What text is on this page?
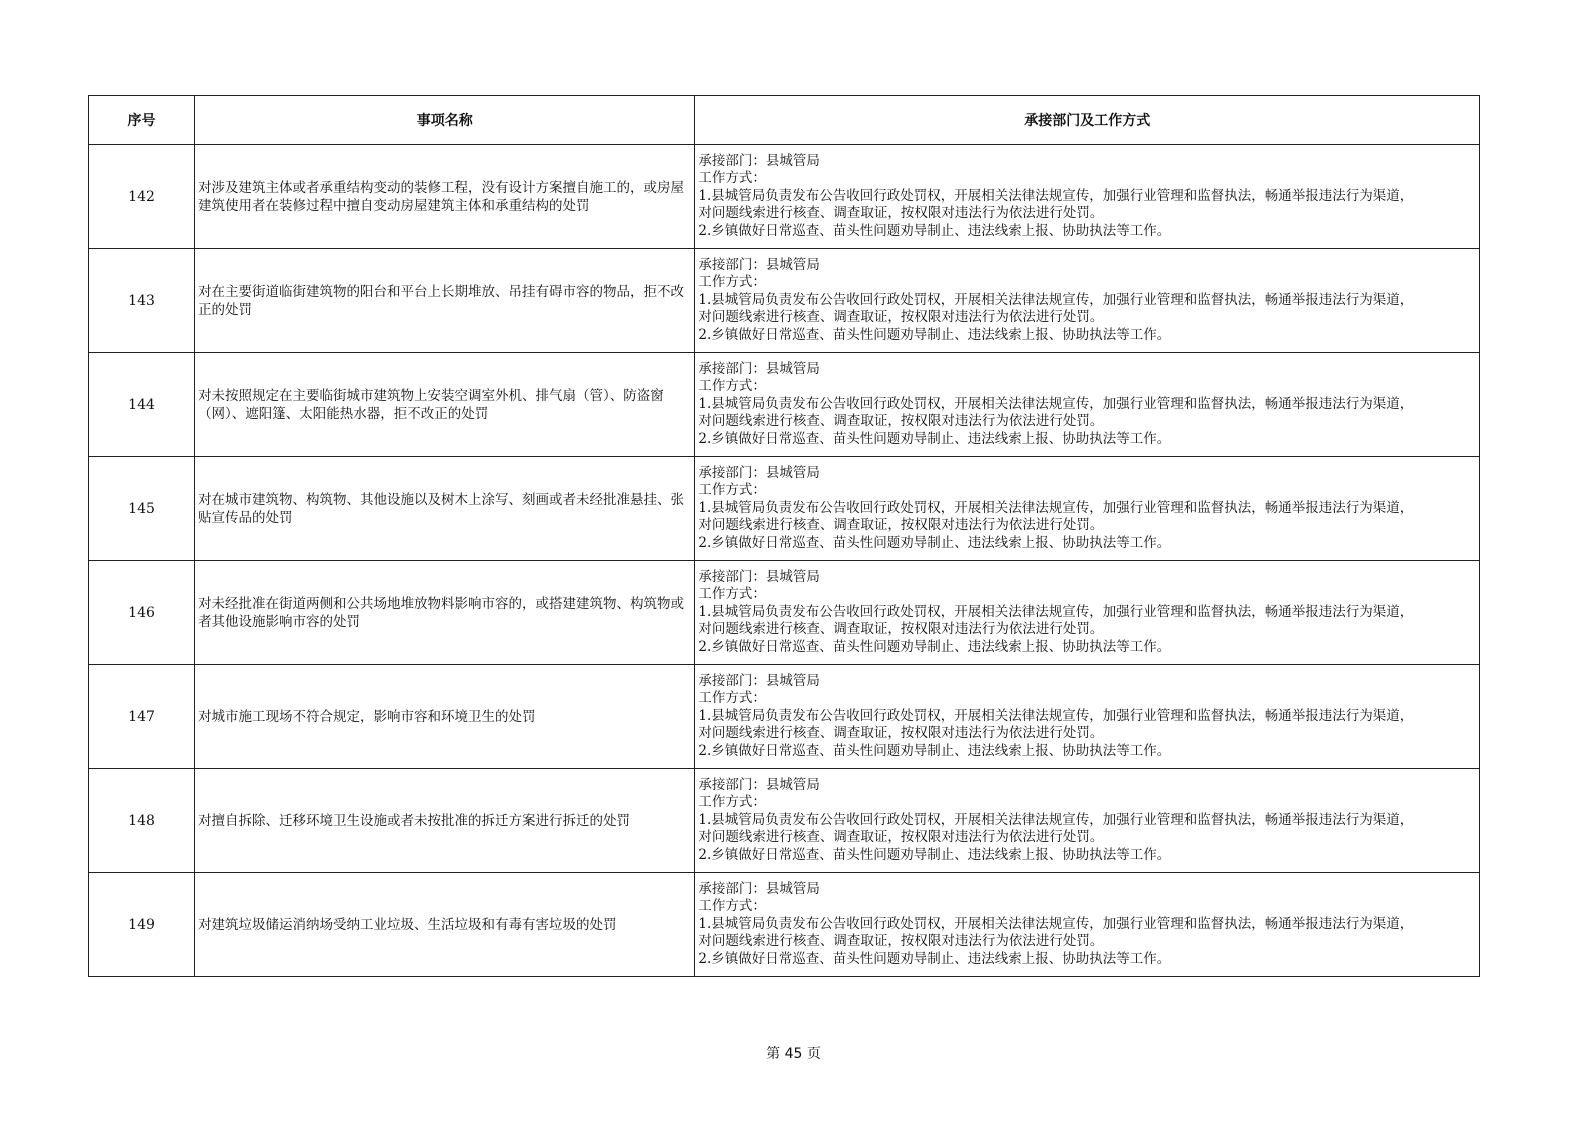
序号	事项名称	承接部门及工作方式
142	对涉及建筑主体或者承重结构变动的装修工程，没有设计方案擅自施工的，或房屋建筑使用者在装修过程中擅自变动房屋建筑主体和承重结构的处罚	承接部门：县城管局
工作方式：
1.县城管局负责发布公告收回行政处罚权，开展相关法律法规宣传，加强行业管理和监督执法，畅通举报违法行为渠道，
对问题线索进行核查、调查取证，按权限对违法行为依法进行处罚。
2.乡镇做好日常巡查、苗头性问题劝导制止、违法线索上报、协助执法等工作。

143	对在主要街道临街建筑物的阳台和平台上长期堆放、吊挂有碍市容的物品，拒不改正的处罚	承接部门：县城管局
工作方式：
1.县城管局负责发布公告收回行政处罚权，开展相关法律法规宣传，加强行业管理和监督执法，畅通举报违法行为渠道，
对问题线索进行核查、调查取证，按权限对违法行为依法进行处罚。
2.乡镇做好日常巡查、苗头性问题劝导制止、违法线索上报、协助执法等工作。

144	对未按照规定在主要临街城市建筑物上安装空调室外机、排气扇（管）、防盗窗（网）、遮阳篷、太阳能热水器，拒不改正的处罚	承接部门：县城管局
工作方式：
1.县城管局负责发布公告收回行政处罚权，开展相关法律法规宣传，加强行业管理和监督执法，畅通举报违法行为渠道，
对问题线索进行核查、调查取证，按权限对违法行为依法进行处罚。
2.乡镇做好日常巡查、苗头性问题劝导制止、违法线索上报、协助执法等工作。

145	对在城市建筑物、构筑物、其他设施以及树木上涂写、刻画或者未经批准悬挂、张贴宣传品的处罚	承接部门：县城管局
工作方式：
1.县城管局负责发布公告收回行政处罚权，开展相关法律法规宣传，加强行业管理和监督执法，畅通举报违法行为渠道，
对问题线索进行核查、调查取证，按权限对违法行为依法进行处罚。
2.乡镇做好日常巡查、苗头性问题劝导制止、违法线索上报、协助执法等工作。

146	对未经批准在街道两侧和公共场地堆放物料影响市容的，或搭建建筑物、构筑物或者其他设施影响市容的处罚	承接部门：县城管局
工作方式：
1.县城管局负责发布公告收回行政处罚权，开展相关法律法规宣传，加强行业管理和监督执法，畅通举报违法行为渠道，
对问题线索进行核查、调查取证，按权限对违法行为依法进行处罚。
2.乡镇做好日常巡查、苗头性问题劝导制止、违法线索上报、协助执法等工作。

147	对城市施工现场不符合规定，影响市容和环境卫生的处罚	承接部门：县城管局
工作方式：
1.县城管局负责发布公告收回行政处罚权，开展相关法律法规宣传，加强行业管理和监督执法，畅通举报违法行为渠道，
对问题线索进行核查、调查取证，按权限对违法行为依法进行处罚。
2.乡镇做好日常巡查、苗头性问题劝导制止、违法线索上报、协助执法等工作。

148	对擅自拆除、迁移环境卫生设施或者未按批准的拆迁方案进行拆迁的处罚	承接部门：县城管局
工作方式：
1.县城管局负责发布公告收回行政处罚权，开展相关法律法规宣传，加强行业管理和监督执法，畅通举报违法行为渠道，
对问题线索进行核查、调查取证，按权限对违法行为依法进行处罚。
2.乡镇做好日常巡查、苗头性问题劝导制止、违法线索上报、协助执法等工作。

149	对建筑垃圾储运消纳场受纳工业垃圾、生活垃圾和有毒有害垃圾的处罚	承接部门：县城管局
工作方式：
1.县城管局负责发布公告收回行政处罚权，开展相关法律法规宣传，加强行业管理和监督执法，畅通举报违法行为渠道，
对问题线索进行核查、调查取证，按权限对违法行为依法进行处罚。
2.乡镇做好日常巡查、苗头性问题劝导制止、违法线索上报、协助执法等工作。
第 45 页
